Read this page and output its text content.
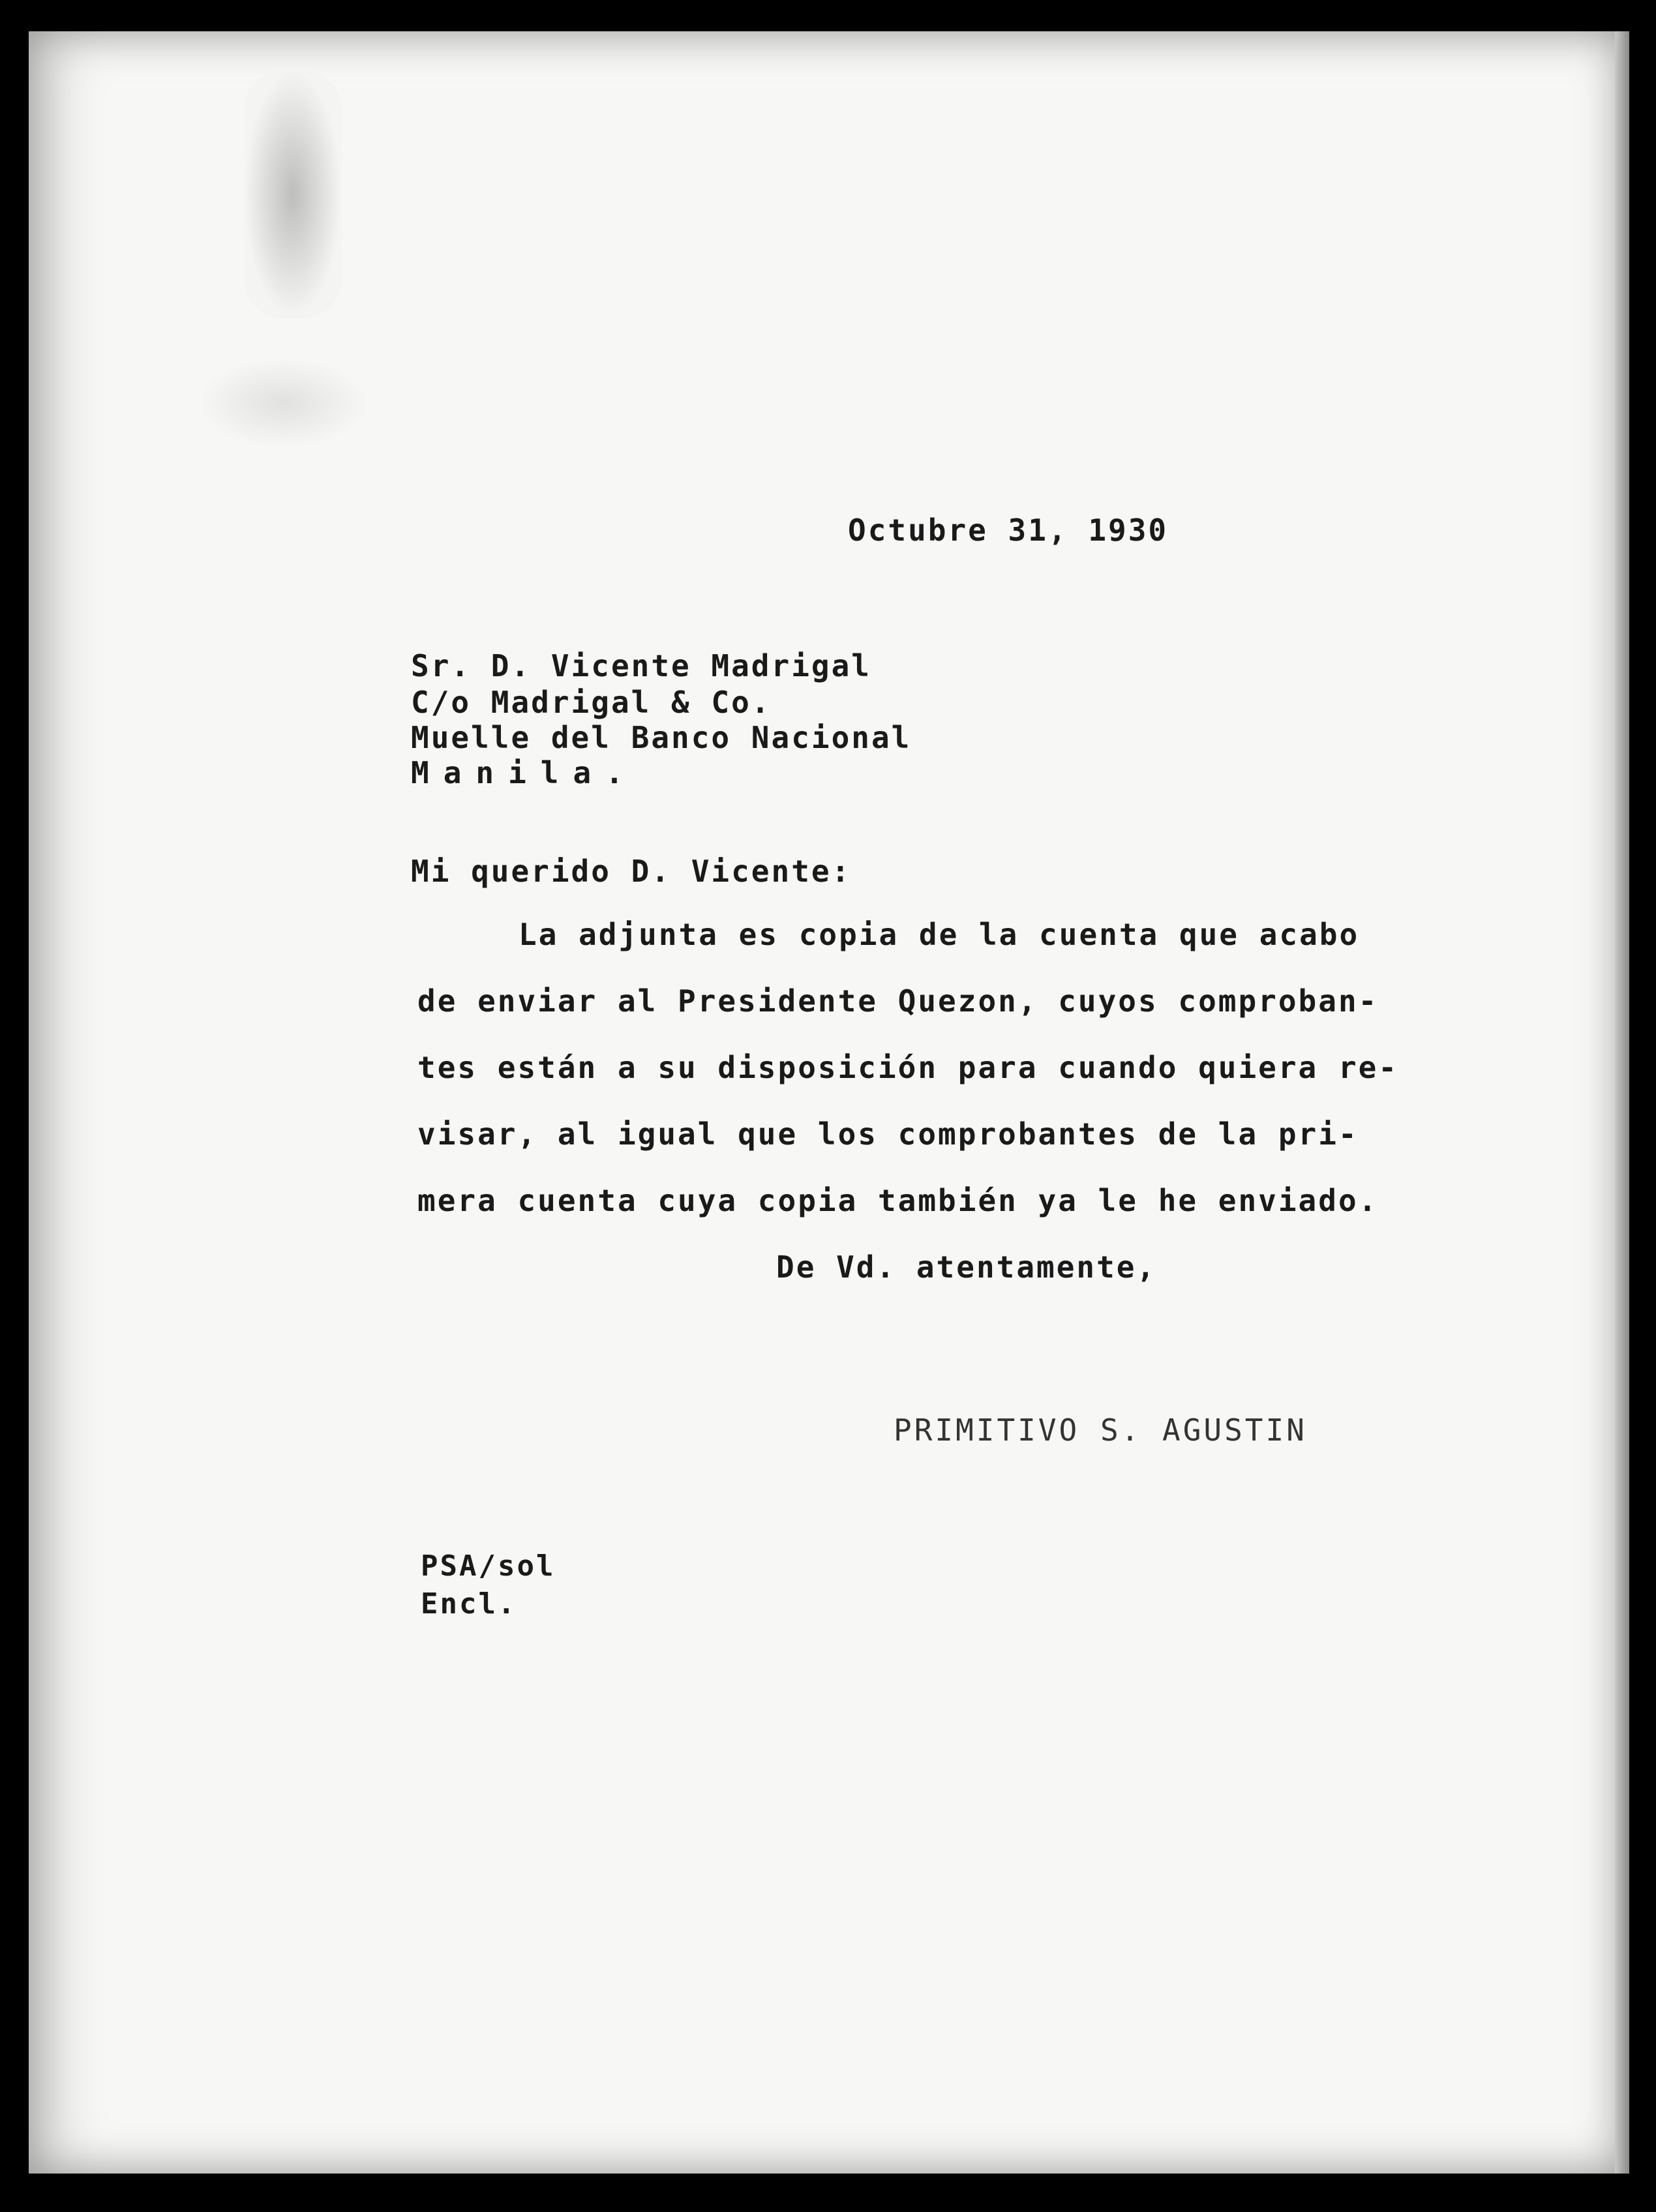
Octubre 31, 1930
Sr. D. Vicente Madrigal
C/o Madrigal & Co.
Muelle del Banco Nacional
Manila.
Mi querido D. Vicente:
La adjunta es copia de la cuenta que acabo
de enviar al Presidente Quezon, cuyos comproban-
tes están a su disposición para cuando quiera re-
visar, al igual que los comprobantes de la pri-
mera cuenta cuya copia también ya le he enviado.
De Vd. atentamente,
PRIMITIVO S. AGUSTIN
PSA/sol
Encl.
